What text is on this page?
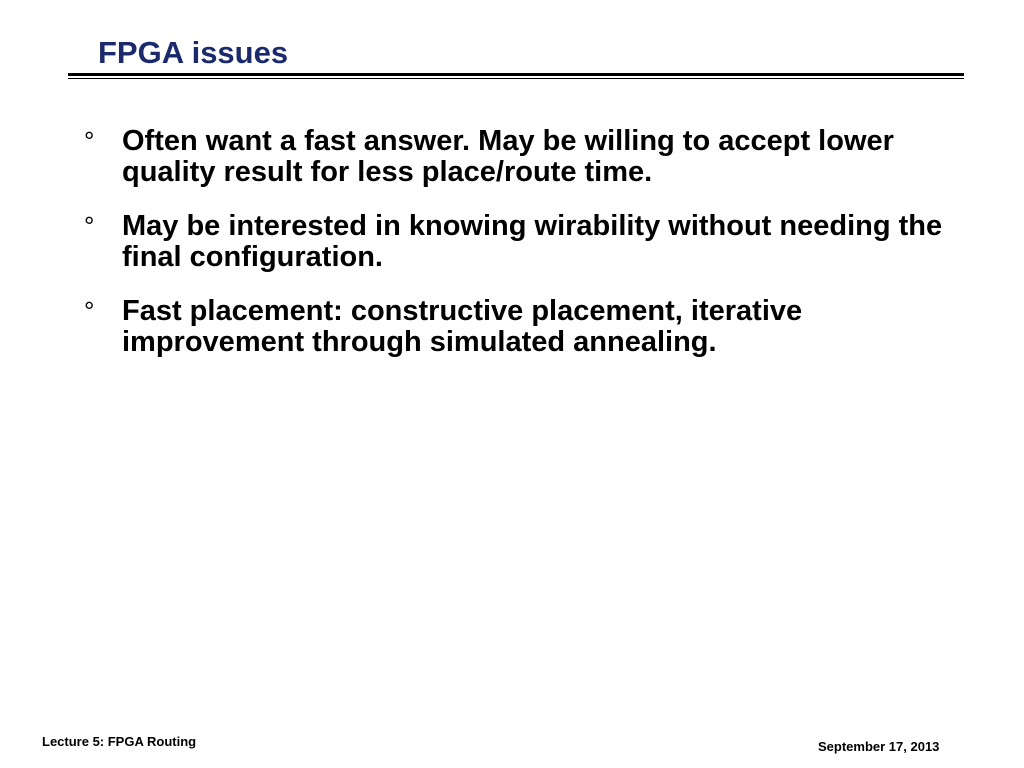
FPGA issues
° Often want a fast answer. May be willing to accept lower quality result for less place/route time.
° May be interested in knowing wirability without needing the final configuration.
° Fast placement: constructive placement, iterative improvement through simulated annealing.
Lecture 5: FPGA Routing	September 17, 2013
